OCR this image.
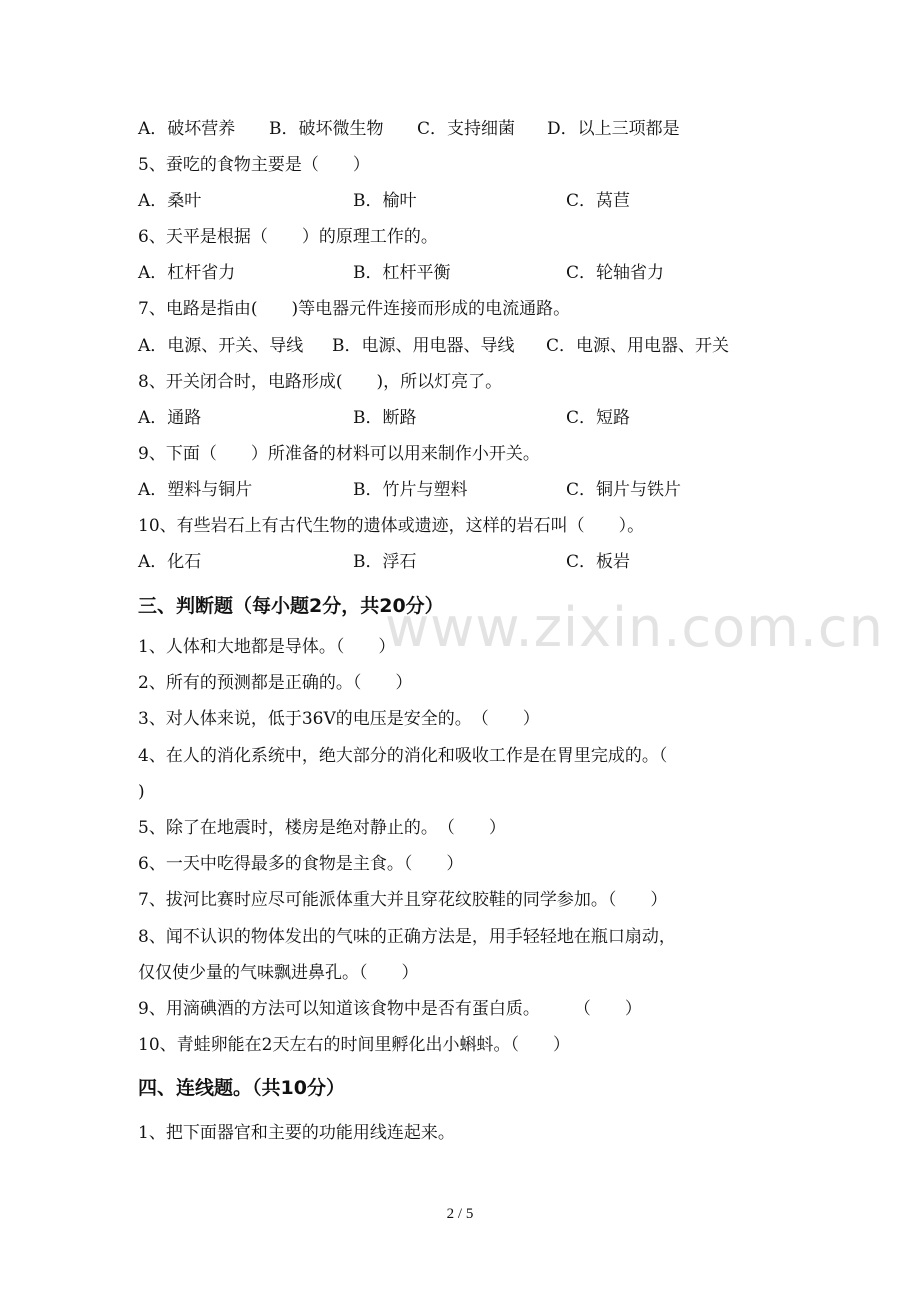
www.zixin.com.cn

A．破坏营养

B．破坏微生物

C．支持细菌

D．以上三项都是

5、蚕吃的食物主要是（　　）

A．桑叶

	B．榆叶

	C．莴苣

6、天平是根据（　　）的原理工作的。

A．杠杆省力

	B．杠杆平衡

	C．轮轴省力

7、电路是指由(　　)等电器元件连接而形成的电流通路。

A．电源、开关、导线

B．电源、用电器、导线

C．电源、用电器、开关

8、开关闭合时，电路形成(　　)，所以灯亮了。

A．通路

	B．断路

	C．短路

9、下面（　　）所准备的材料可以用来制作小开关。

A．塑料与铜片

	B．竹片与塑料

	C．铜片与铁片

10、有些岩石上有古代生物的遗体或遗迹，这样的岩石叫（　　）。

A．化石

	B．浮石

	C．板岩

三、判断题（每小题2分，共20分）
1、人体和大地都是导体。（　　）
2、所有的预测都是正确的。（　　）
3、对人体来说，低于36V的电压是安全的。　（　　）
4、在人的消化系统中，绝大部分的消化和吸收工作是在胃里完成的。（
)
5、除了在地震时，楼房是绝对静止的。　（　　）
6、一天中吃得最多的食物是主食。（　　）
7、拔河比赛时应尽可能派体重大并且穿花纹胶鞋的同学参加。（　　）
8、闻不认识的物体发出的气味的正确方法是，用手轻轻地在瓶口扇动，
仅仅使少量的气味飘进鼻孔。（　　）
9、用滴碘酒的方法可以知道该食物中是否有蛋白质。　　　（　　）
10、青蛙卵能在2天左右的时间里孵化出小蝌蚪。（　　）
四、连线题。（共10分）
1、把下面器官和主要的功能用线连起来。
2 / 5
